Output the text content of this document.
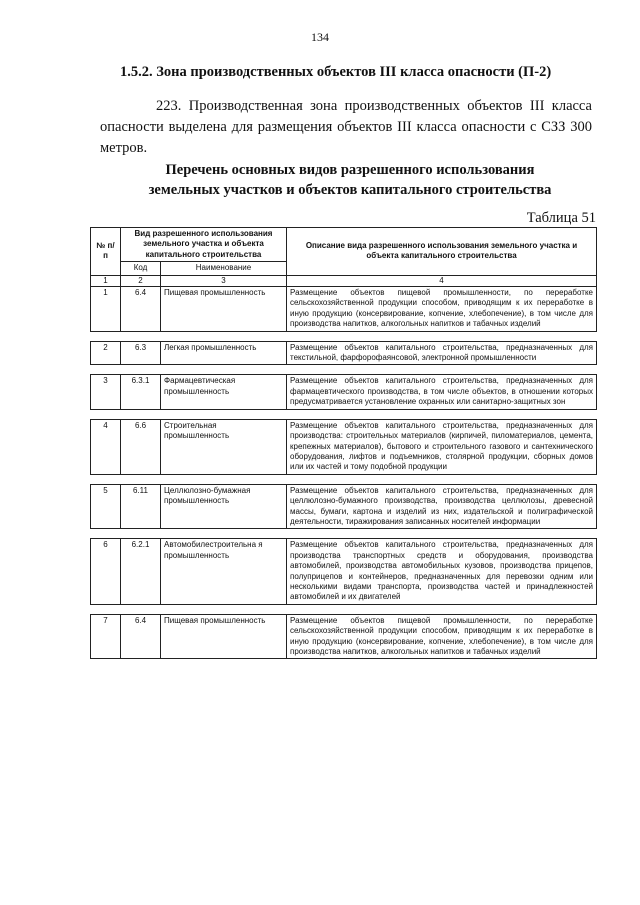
134
1.5.2. Зона производственных объектов III класса опасности (П-2)
223. Производственная зона производственных объектов III класса опасности выделена для размещения объектов III класса опасности с СЗЗ 300 метров.
Перечень основных видов разрешенного использования
земельных участков и объектов капитального строительства
Таблица 51
№ п/п	Вид разрешенного использования земельного участка и объекта капитального строительства		Описание вида разрешенного использования земельного участка и объекта капитального строительства
	Код	Наименование	
1	2	3	4
1	6.4	Пищевая промышленность	Размещение объектов пищевой промышленности, по переработке сельскохозяйственной продукции способом, приводящим к их переработке в иную продукцию (консервирование, копчение, хлебопечение), в том числе для производства напитков, алкогольных напитков и табачных изделий

2	6.3	Легкая промышленность	Размещение объектов капитального строительства, предназначенных для текстильной, фарфорофаянсовой, электронной промышленности

3	6.3.1	Фармацевтическая промышленность	Размещение объектов капитального строительства, предназначенных для фармацевтического производства, в том числе объектов, в отношении которых предусматривается установление охранных или санитарно-защитных зон

4	6.6	Строительная промышленность	Размещение объектов капитального строительства, предназначенных для производства: строительных материалов (кирпичей, пиломатериалов, цемента, крепежных материалов), бытового и строительного газового и сантехнического оборудования, лифтов и подъемников, столярной продукции, сборных домов или их частей и тому подобной продукции

5	6.11	Целлюлозно-бумажная промышленность	Размещение объектов капитального строительства, предназначенных для целлюлозно-бумажного производства, производства целлюлозы, древесной массы, бумаги, картона и изделий из них, издательской и полиграфической деятельности, тиражирования записанных носителей информации

6	6.2.1	Автомобилестроительна я промышленность	Размещение объектов капитального строительства, предназначенных для производства транспортных средств и оборудования, производства автомобилей, производства автомобильных кузовов, производства прицепов, полуприцепов и контейнеров, предназначенных для перевозки одним или несколькими видами транспорта, производства частей и принадлежностей автомобилей и их двигателей

7	6.4	Пищевая промышленность	Размещение объектов пищевой промышленности, по переработке сельскохозяйственной продукции способом, приводящим к их переработке в иную продукцию (консервирование, копчение, хлебопечение), в том числе для производства напитков, алкогольных напитков и табачных изделий
